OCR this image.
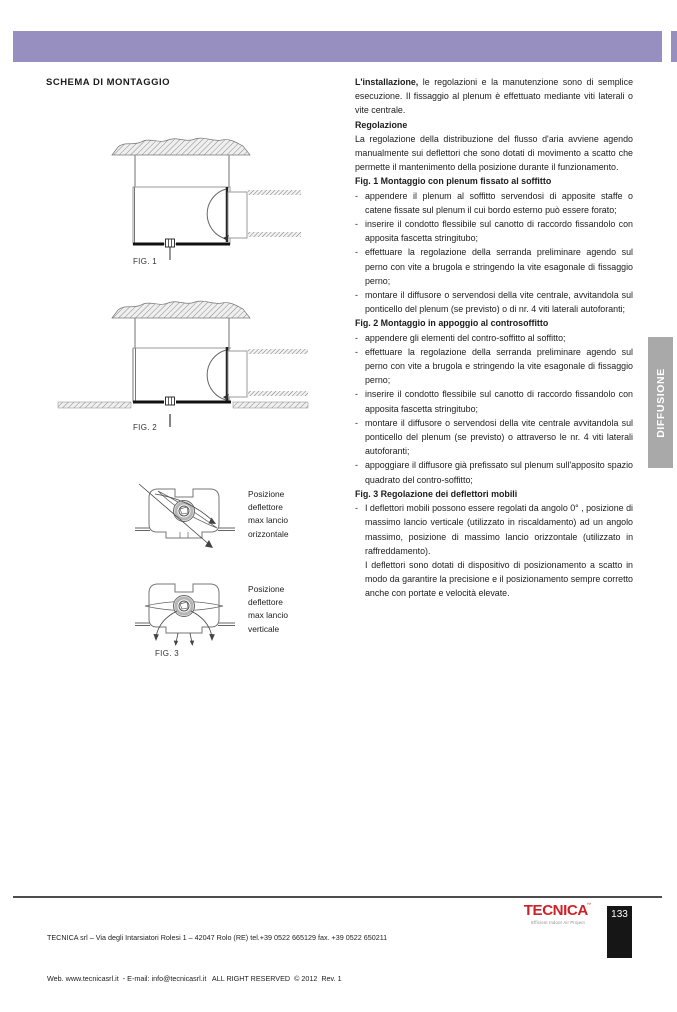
SCHEMA DI MONTAGGIO
FIG. 1
FIG. 2
Posizione
deflettore
max lancio
orizzontale
Posizione
deflettore
max lancio
verticale
FIG. 3

L'installazione, le regolazioni e la manutenzione sono di semplice esecuzione. Il fissaggio al plenum è effettuato mediante viti laterali o vite centrale.

Regolazione

La regolazione della distribuzione del flusso d'aria avviene agendo manualmente sui deflettori che sono dotati di movimento a scatto che permette il mantenimento della posizione durante il funzionamento.

Fig. 1 Montaggio con plenum fissato al soffitto

- appendere il plenum al soffitto servendosi di apposite staffe o catene fissate sul plenum il cui bordo esterno può essere forato;
- inserire il condotto flessibile sul canotto di raccordo fissandolo con apposita fascetta stringitubo;
- effettuare la regolazione della serranda preliminare agendo sul perno con vite a brugola e stringendo la vite esagonale di fissaggio perno;
- montare il diffusore o servendosi della vite centrale, avvitandola sul ponticello del plenum (se previsto) o di nr. 4 viti laterali autoforanti;

Fig. 2 Montaggio in appoggio al controsoffitto

- appendere gli elementi del contro-soffitto al soffitto;
- effettuare la regolazione della serranda preliminare agendo sul perno con vite a brugola e stringendo la vite esagonale di fissaggio perno;
- inserire il condotto flessibile sul canotto di raccordo fissandolo con apposita fascetta stringitubo;
- montare il diffusore o servendosi della vite centrale avvitandola sul ponticello del plenum (se previsto) o attraverso le nr. 4 viti laterali autoforanti;
- appoggiare il diffusore già prefissato sul plenum sull'apposito spazio quadrato del contro-soffitto;

Fig. 3 Regolazione dei deflettori mobili

- I deflettori mobili possono essere regolati da angolo 0° , posizione di massimo lancio verticale (utilizzato in riscaldamento) ad un angolo massimo, posizione di massimo lancio orizzontale (utilizzato in raffreddamento).

I deflettori sono dotati di dispositivo di posizionamento a scatto in modo da garantire la precisione e il posizionamento sempre corretto anche con portate e velocità elevate.

DIFFUSIONE

TECNICA srl – Via degli Intarsiatori Rolesi 1 – 42047 Rolo (RE) tel.+39 0522 665129 fax. +39 0522 650211

Web. www.tecnicasrl.it  - E-mail: info@tecnicasrl.it   ALL RIGHT RESERVED  © 2012  Rev. 1

TECNICA™
Efficient Indoor Air Project
133
